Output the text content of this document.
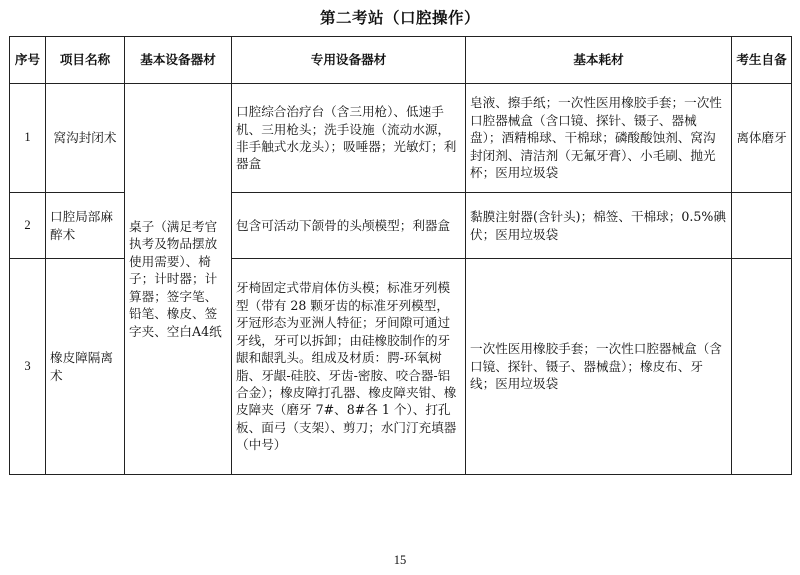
第二考站（口腔操作）
序号	项目名称	基本设备器材	专用设备器材	基本耗材	考生自备
1	窝沟封闭术	桌子（满足考官执考及物品摆放使用需要）、椅子；计时器；计算器；签字笔、铅笔、橡皮、签字夹、空白A4纸	口腔综合治疗台（含三用枪）、低速手机、三用枪头；洗手设施（流动水源，非手触式水龙头）；吸唾器；光敏灯；利器盒	皂液、擦手纸；一次性医用橡胶手套；一次性口腔器械盒（含口镜、探针、镊子、器械盘）；酒精棉球、干棉球；磷酸酸蚀剂、窝沟封闭剂、清洁剂（无氟牙膏）、小毛刷、抛光杯；医用垃圾袋	离体磨牙
2	口腔局部麻醉术		包含可活动下颌骨的头颅模型；利器盒	黏膜注射器(含针头)；棉签、干棉球；0.5%碘伏；医用垃圾袋	
3	橡皮障隔离术		牙椅固定式带肩体仿头模；标准牙列模型（带有 28 颗牙齿的标准牙列模型，牙冠形态为亚洲人特征；牙间隙可通过牙线，牙可以拆卸；由硅橡胶制作的牙龈和龈乳头。组成及材质：腭-环氧树脂、牙龈-硅胶、牙齿-密胺、咬合器-铝合金）；橡皮障打孔器、橡皮障夹钳、橡皮障夹（磨牙 7#、8#各 1 个）、打孔板、面弓（支架）、剪刀；水门汀充填器（中号）	一次性医用橡胶手套；一次性口腔器械盒（含口镜、探针、镊子、器械盘）；橡皮布、牙线；医用垃圾袋	
15
